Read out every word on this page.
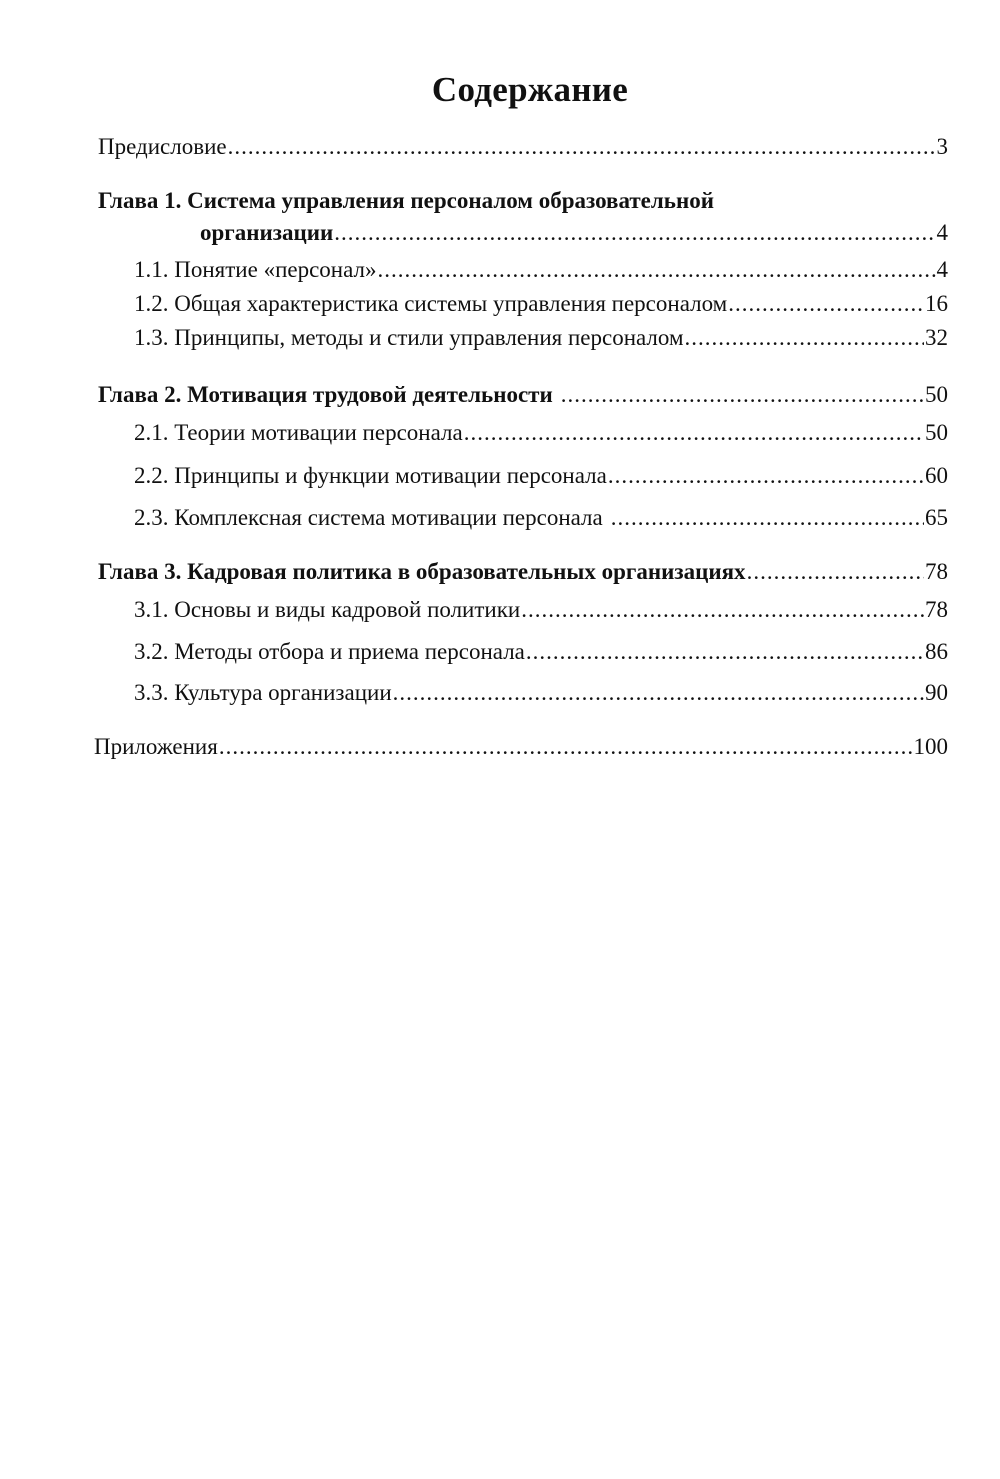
Содержание
Предисловие .....	3
Глава 1. Система управления персоналом образовательной
организации .....	4
1.1. Понятие «персонал» .....	4
1.2. Общая характеристика системы управления персоналом .....	16
1.3. Принципы, методы и стили управления персоналом .....	32
Глава 2. Мотивация трудовой деятельности .....	50
2.1. Теории мотивации персонала .....	50
2.2. Принципы и функции мотивации персонала .....	60
2.3. Комплексная система мотивации персонала .....	65
Глава 3. Кадровая политика в образовательных организациях .....	78
3.1. Основы и виды кадровой политики .....	78
3.2. Методы отбора и приема персонала .....	86
3.3. Культура организации .....	90
Приложения .....	100
